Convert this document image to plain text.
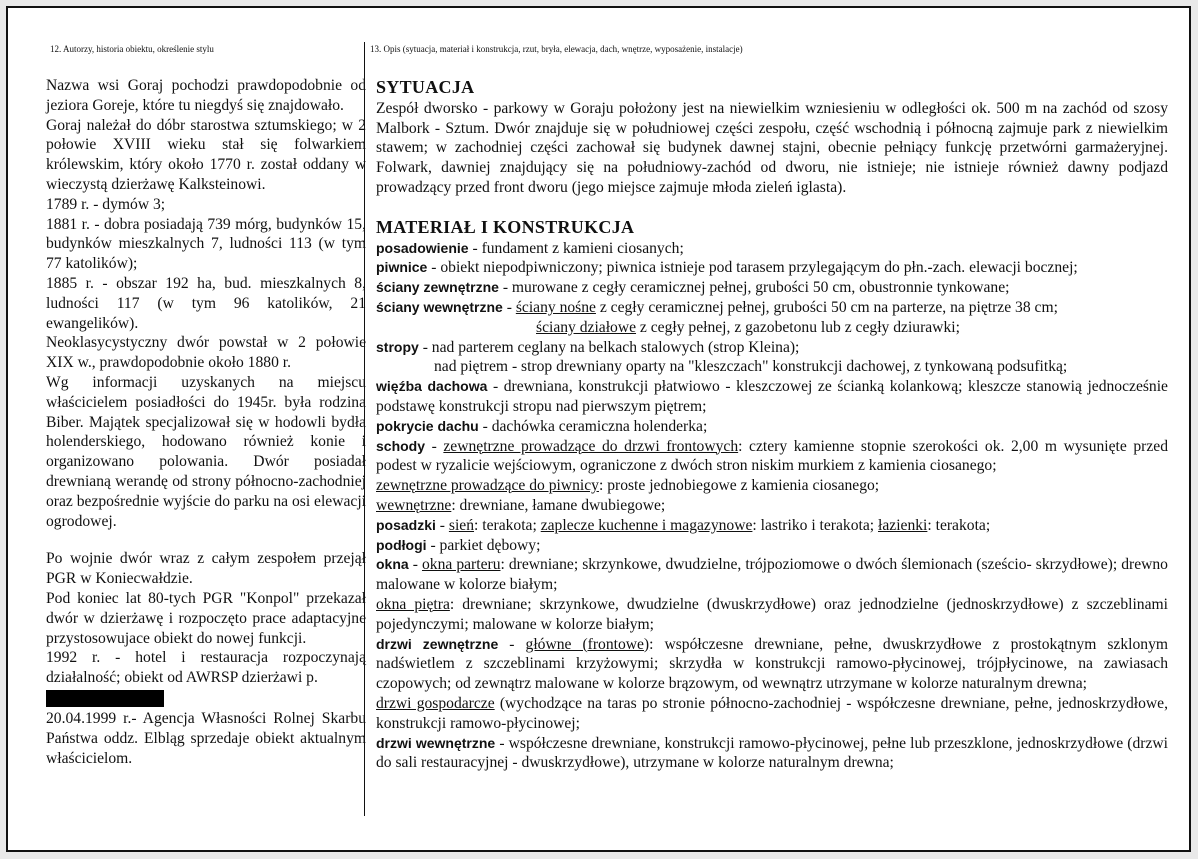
12. Autorzy, historia obiektu, określenie stylu	13. Opis (sytuacja, materiał i konstrukcja, rzut, bryła, elewacja, dach, wnętrze, wyposażenie, instalacje)

Nazwa wsi Goraj pochodzi prawdopodobnie od jeziora Goreje, które tu niegdyś się znajdowało.

Goraj należał do dóbr starostwa sztumskiego; w 2 połowie XVIII wieku stał się folwarkiem królewskim, który około 1770 r. został oddany w wieczystą dzierżawę Kalksteinowi.

1789 r. - dymów 3;

1881 r. - dobra posiadają 739 mórg, budynków 15, budynków mieszkalnych 7, ludności 113 (w tym 77 katolików);

1885 r. - obszar 192 ha, bud. mieszkalnych 8, ludności 117 (w tym 96 katolików, 21 ewangelików).

Neoklasycystyczny dwór powstał w 2 połowie XIX w., prawdopodobnie około 1880 r.

Wg informacji uzyskanych na miejscu właścicielem posiadłości do 1945r. była rodzina Biber. Majątek specjalizował się w hodowli bydła holenderskiego, hodowano również konie i organizowano polowania. Dwór posiadał drewnianą werandę od strony północno-zachodniej oraz bezpośrednie wyjście do parku na osi elewacji ogrodowej.

Po wojnie dwór wraz z całym zespołem przejął PGR w Koniecwałdzie.

Pod koniec lat 80-tych PGR "Konpol" przekazał dwór w dzierżawę i rozpoczęto prace adaptacyjne przystosowujace obiekt do nowej funkcji.

1992 r. - hotel i restauracja rozpoczynają działalność; obiekt od AWRSP dzierżawi p.

20.04.1999 r.- Agencja Własności Rolnej Skarbu Państwa oddz. Elbląg sprzedaje obiekt aktualnym właścicielom.

SYTUACJA

Zespół dworsko - parkowy w Goraju położony jest na niewielkim wzniesieniu w odległości ok. 500 m na zachód od szosy Malbork - Sztum. Dwór znajduje się w południowej części zespołu, część wschodnią i północną zajmuje park z niewielkim stawem; w zachodniej części zachował się budynek dawnej stajni, obecnie pełniący funkcję przetwórni garmażeryjnej. Folwark, dawniej znajdujący się na południowy-zachód od dworu, nie istnieje; nie istnieje również dawny podjazd prowadzący przed front dworu (jego miejsce zajmuje młoda zieleń iglasta).

MATERIAŁ I KONSTRUKCJA

posadowienie - fundament z kamieni ciosanych;

piwnice - obiekt niepodpiwniczony; piwnica istnieje pod tarasem przylegającym do płn.-zach. elewacji bocznej;

ściany zewnętrzne - murowane z cegły ceramicznej pełnej, grubości 50 cm, obustronnie tynkowane;

ściany wewnętrzne - ściany nośne z cegły ceramicznej pełnej, grubości 50 cm na parterze, na piętrze 38 cm;

ściany działowe z cegły pełnej, z gazobetonu lub z cegły dziurawki;

stropy - nad parterem ceglany na belkach stalowych (strop Kleina);

nad piętrem - strop drewniany oparty na "kleszczach" konstrukcji dachowej, z tynkowaną podsufitką;

więźba dachowa - drewniana, konstrukcji płatwiowo - kleszczowej ze ścianką kolankową; kleszcze stanowią jednocześnie podstawę konstrukcji stropu nad pierwszym piętrem;

pokrycie dachu - dachówka ceramiczna holenderka;

schody - zewnętrzne prowadzące do drzwi frontowych: cztery kamienne stopnie szerokości ok. 2,00 m wysunięte przed podest w ryzalicie wejściowym, ograniczone z dwóch stron niskim murkiem z kamienia ciosanego;

zewnętrzne prowadzące do piwnicy: proste jednobiegowe z kamienia ciosanego;

wewnętrzne: drewniane, łamane dwubiegowe;

posadzki - sień: terakota; zaplecze kuchenne i magazynowe: lastriko i terakota; łazienki: terakota;

podłogi - parkiet dębowy;

okna - okna parteru: drewniane; skrzynkowe, dwudzielne, trójpoziomowe o dwóch ślemionach (sześcio- skrzydłowe); drewno malowane w kolorze białym;

okna piętra: drewniane; skrzynkowe, dwudzielne (dwuskrzydłowe) oraz jednodzielne (jednoskrzydłowe) z szczeblinami pojedynczymi; malowane w kolorze białym;

drzwi zewnętrzne - główne (frontowe): współczesne drewniane, pełne, dwuskrzydłowe z prostokątnym szklonym nadświetlem z szczeblinami krzyżowymi; skrzydła w konstrukcji ramowo-płycinowej, trójpłycinowe, na zawiasach czopowych; od zewnątrz malowane w kolorze brązowym, od wewnątrz utrzymane w kolorze naturalnym drewna;

drzwi gospodarcze (wychodzące na taras po stronie północno-zachodniej - współczesne drewniane, pełne, jednoskrzydłowe, konstrukcji ramowo-płycinowej;

drzwi wewnętrzne - współczesne drewniane, konstrukcji ramowo-płycinowej, pełne lub przeszklone, jednoskrzydłowe (drzwi do sali restauracyjnej - dwuskrzydłowe), utrzymane w kolorze naturalnym drewna;
